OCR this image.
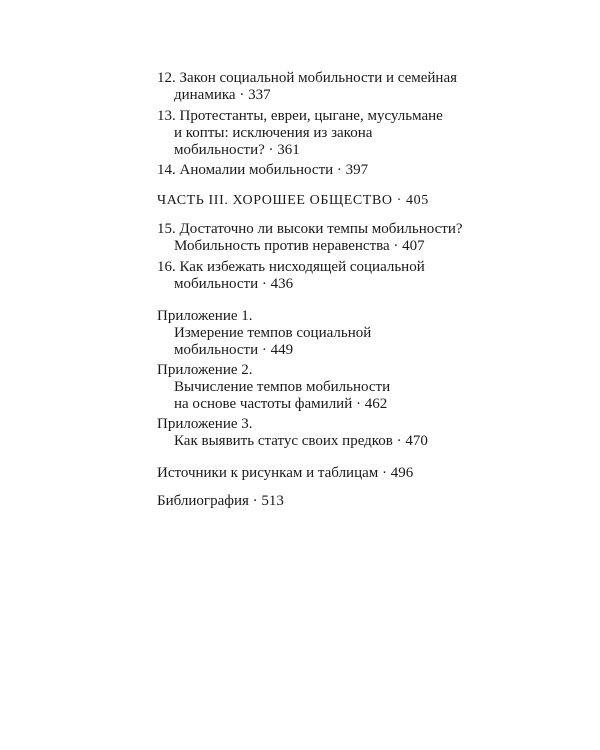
12. Закон социальной мобильности и семейная
динамика · 337
13. Протестанты, евреи, цыгане, мусульмане
и копты: исключения из закона
мобильности? · 361
14. Аномалии мобильности · 397
ЧАСТЬ III. ХОРОШЕЕ ОБЩЕСТВО · 405
15. Достаточно ли высоки темпы мобильности?
Мобильность против неравенства · 407
16. Как избежать нисходящей социальной
мобильности · 436
Приложение 1.
Измерение темпов социальной
мобильности · 449
Приложение 2.
Вычисление темпов мобильности
на основе частоты фамилий · 462
Приложение 3.
Как выявить статус своих предков · 470
Источники к рисункам и таблицам · 496
Библиография · 513
